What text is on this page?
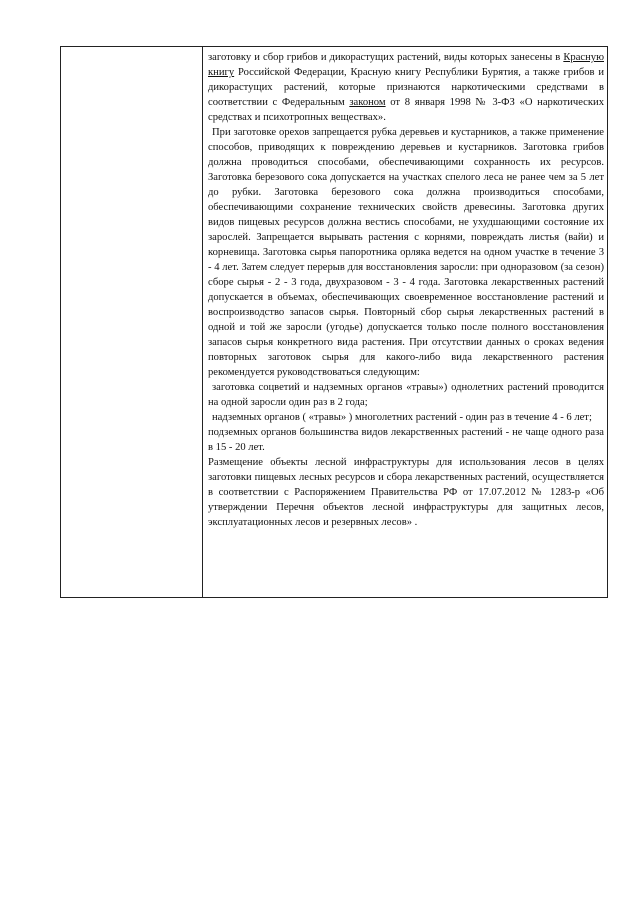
заготовку и сбор грибов и дикорастущих растений, виды которых занесены в Красную книгу Российской Федерации, Красную книгу Республики Бурятия, а также грибов и дикорастущих растений, которые признаются наркотическими средствами в соответствии с Федеральным законом от 8 января 1998 № 3-ФЗ «О наркотических средствах и психотропных веществах».

При заготовке орехов запрещается рубка деревьев и кустарников, а также применение способов, приводящих к повреждению деревьев и кустарников. Заготовка грибов должна проводиться способами, обеспечивающими сохранность их ресурсов. Заготовка березового сока допускается на участках спелого леса не ранее чем за 5 лет до рубки. Заготовка березового сока должна производиться способами, обеспечивающими сохранение технических свойств древесины. Заготовка других видов пищевых ресурсов должна вестись способами, не ухудшающими состояние их зарослей. Запрещается вырывать растения с корнями, повреждать листья (вайи) и корневища. Заготовка сырья папоротника орляка ведется на одном участке в течение 3 - 4 лет. Затем следует перерыв для восстановления заросли: при одноразовом (за сезон) сборе сырья - 2 - 3 года, двухразовом - 3 - 4 года. Заготовка лекарственных растений допускается в объемах, обеспечивающих своевременное восстановление растений и воспроизводство запасов сырья. Повторный сбор сырья лекарственных растений в одной и той же заросли (угодье) допускается только после полного восстановления запасов сырья конкретного вида растения. При отсутствии данных о сроках ведения повторных заготовок сырья для какого-либо вида лекарственного растения рекомендуется руководствоваться следующим:

заготовка соцветий и надземных органов «травы») однолетних растений проводится на одной заросли один раз в 2 года;

надземных органов ( «травы» ) многолетних растений - один раз в течение 4 - 6 лет;

подземных органов большинства видов лекарственных растений - не чаще одного раза в 15 - 20 лет.

Размещение объекты лесной инфраструктуры для использования лесов в целях заготовки пищевых лесных ресурсов и сбора лекарственных растений, осуществляется в соответствии с Распоряжением Правительства РФ от 17.07.2012 № 1283-р «Об утверждении Перечня объектов лесной инфраструктуры для защитных лесов, эксплуатационных лесов и резервных лесов» .
